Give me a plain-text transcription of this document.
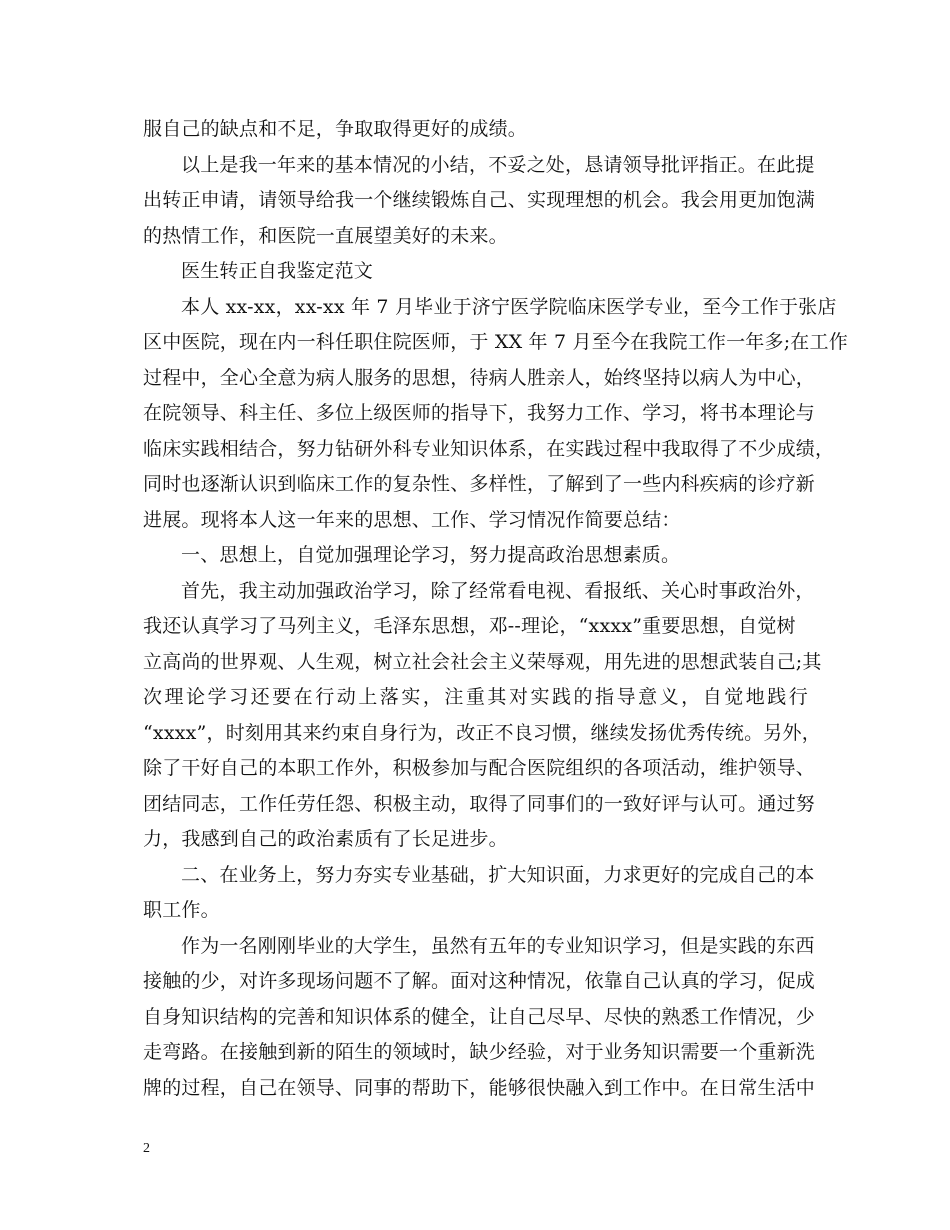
服自己的缺点和不足，争取取得更好的成绩。
以上是我一年来的基本情况的小结，不妥之处，恳请领导批评指正。在此提
出转正申请，请领导给我一个继续锻炼自己、实现理想的机会。我会用更加饱满
的热情工作，和医院一直展望美好的未来。
医生转正自我鉴定范文
本人 xx-xx，xx-xx 年 7 月毕业于济宁医学院临床医学专业，至今工作于张店
区中医院，现在内一科任职住院医师，于 XX 年 7 月至今在我院工作一年多;在工作
过程中，全心全意为病人服务的思想，待病人胜亲人，始终坚持以病人为中心，
在院领导、科主任、多位上级医师的指导下，我努力工作、学习，将书本理论与
临床实践相结合，努力钻研外科专业知识体系，在实践过程中我取得了不少成绩，
同时也逐渐认识到临床工作的复杂性、多样性，了解到了一些内科疾病的诊疗新
进展。现将本人这一年来的思想、工作、学习情况作简要总结：
一、思想上，自觉加强理论学习，努力提高政治思想素质。
首先，我主动加强政治学习，除了经常看电视、看报纸、关心时事政治外，
我还认真学习了马列主义，毛泽东思想，邓--理论，“xxxx”重要思想，自觉树
立高尚的世界观、人生观，树立社会社会主义荣辱观，用先进的思想武装自己;其
次理论学习还要在行动上落实，注重其对实践的指导意义，自觉地践行
“xxxx”，时刻用其来约束自身行为，改正不良习惯，继续发扬优秀传统。另外，
除了干好自己的本职工作外，积极参加与配合医院组织的各项活动，维护领导、
团结同志，工作任劳任怨、积极主动，取得了同事们的一致好评与认可。通过努
力，我感到自己的政治素质有了长足进步。
二、在业务上，努力夯实专业基础，扩大知识面，力求更好的完成自己的本
职工作。
作为一名刚刚毕业的大学生，虽然有五年的专业知识学习，但是实践的东西
接触的少，对许多现场问题不了解。面对这种情况，依靠自己认真的学习，促成
自身知识结构的完善和知识体系的健全，让自己尽早、尽快的熟悉工作情况，少
走弯路。在接触到新的陌生的领域时，缺少经验，对于业务知识需要一个重新洗
牌的过程，自己在领导、同事的帮助下，能够很快融入到工作中。在日常生活中
2
